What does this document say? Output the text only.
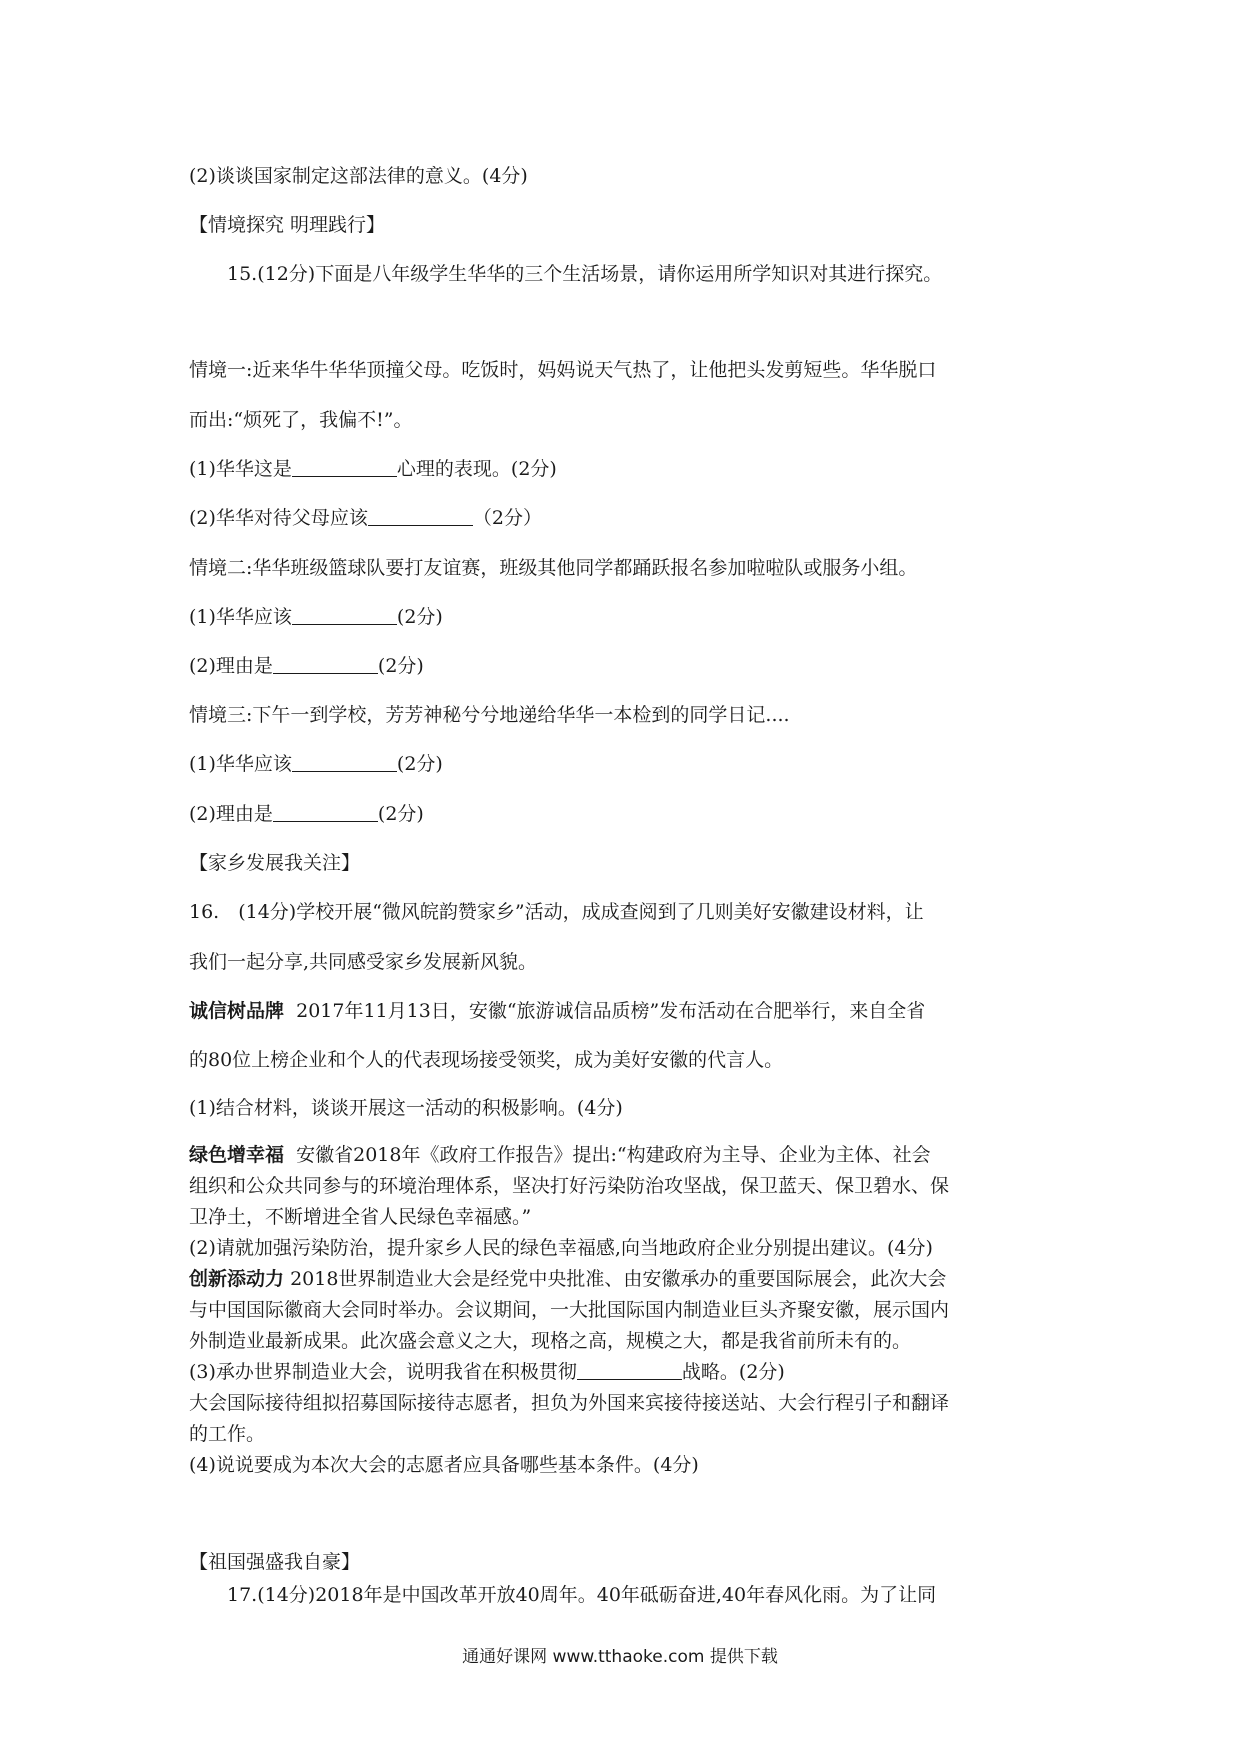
(2)谈谈国家制定这部法律的意义。(4分)
【情境探究 明理践行】
15.(12分)下面是八年级学生华华的三个生活场景，请你运用所学知识对其进行探究。
情境一:近来华牛华华顶撞父母。吃饭时，妈妈说天气热了，让他把头发剪短些。华华脱口
而出:“烦死了，我偏不!”。
(1)华华这是	心理的表现。(2分)
(2)华华对待父母应该	（2分）
情境二:华华班级篮球队要打友谊赛，班级其他同学都踊跃报名参加啦啦队或服务小组。
(1)华华应该	(2分)
(2)理由是	(2分)
情境三:下午一到学校，芳芳神秘兮兮地递给华华一本检到的同学日记....
(1)华华应该	(2分)
(2)理由是	(2分)
【家乡发展我关注】
16.　(14分)学校开展“微风皖韵赞家乡”活动，成成查阅到了几则美好安徽建设材料，让
我们一起分享,共同感受家乡发展新风貌。
诚信树品牌 2017年11月13日，安徽“旅游诚信品质榜”发布活动在合肥举行，来自全省
的80位上榜企业和个人的代表现场接受领奖，成为美好安徽的代言人。
(1)结合材料，谈谈开展这一活动的积极影响。(4分)
绿色增幸福 安徽省2018年《政府工作报告》提出:“构建政府为主导、企业为主体、社会
组织和公众共同参与的环境治理体系，坚决打好污染防治攻坚战，保卫蓝天、保卫碧水、保
卫净土，不断增进全省人民绿色幸福感。”
(2)请就加强污染防治，提升家乡人民的绿色幸福感,向当地政府企业分别提出建议。(4分)
创新添动力 2018世界制造业大会是经党中央批准、由安徽承办的重要国际展会，此次大会
与中国国际徽商大会同时举办。会议期间，一大批国际国内制造业巨头齐聚安徽，展示国内
外制造业最新成果。此次盛会意义之大，现格之高，规模之大，都是我省前所未有的。
(3)承办世界制造业大会，说明我省在积极贯彻	战略。(2分)
大会国际接待组拟招募国际接待志愿者，担负为外国来宾接待接送站、大会行程引子和翻译
的工作。
(4)说说要成为本次大会的志愿者应具备哪些基本条件。(4分)
【祖国强盛我自豪】
17.(14分)2018年是中国改革开放40周年。40年砥砺奋进,40年春风化雨。为了让同
通通好课网 www.tthaoke.com 提供下载
